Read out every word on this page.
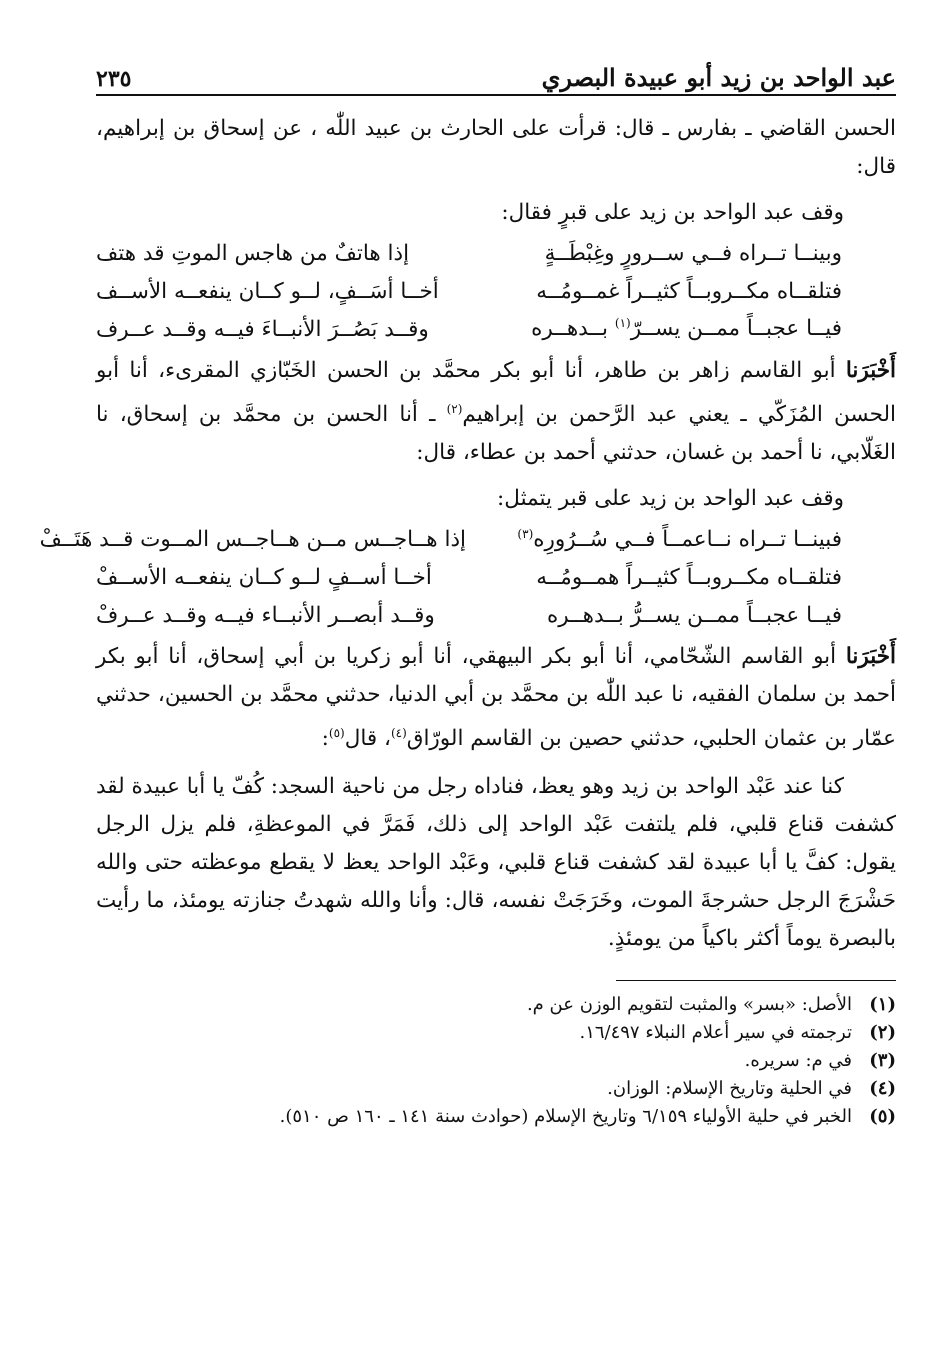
عبد الواحد بن زيد أبو عبيدة البصري
٢٣٥

الحسن القاضي ـ بفارس ـ قال: قرأت على الحارث بن عبيد اللّٰه ، عن إسحاق بن إبراهيم، قال:

وقف عبد الواحد بن زيد على قبرٍ فقال:

وبينــا تــراه فــي ســرورٍ وغِبْطَــةٍ
إذا هاتفٌ من هاجس الموتِ قد هتف
فتلقــاه مكــروبــاً كثيــراً غمــومُــه
أخــا أسَــفٍ، لــو كــان ينفعــه الأســف
فيــا عجبــاً ممــن يســرّ$^{(١)}$ بــدهــره
وقــد بَصُــرَ الأنبــاءَ فيــه وقــد عــرف

أَخْبَرَنا أبو القاسم زاهر بن طاهر، أنا أبو بكر محمَّد بن الحسن الخَبّازي المقرىء، أنا أبو الحسن المُزَكّي ـ يعني عبد الرَّحمن بن إبراهيم$^{(٢)}$ ـ أنا الحسن بن محمَّد بن إسحاق، نا الغَلّابي، نا أحمد بن غسان، حدثني أحمد بن عطاء، قال:

وقف عبد الواحد بن زيد على قبر يتمثل:

فبينــا تــراه نــاعمــاً فــي سُــرُورِه$^{(٣)}$
إذا هــاجــس مــن هــاجــس المــوت قــد هَتَــفْ
فتلقــاه مكــروبــاً كثيــراً همــومُــه
أخــا أســفٍ لــو كــان ينفعــه الأســفْ
فيــا عجبــاً ممــن يســرُّ بــدهــره
وقــد أبصــر الأنبــاء فيــه وقــد عــرفْ

أَخْبَرَنا أبو القاسم الشّحّامي، أنا أبو بكر البيهقي، أنا أبو زكريا بن أبي إسحاق، أنا أبو بكر أحمد بن سلمان الفقيه، نا عبد اللّٰه بن محمَّد بن أبي الدنيا، حدثني محمَّد بن الحسين، حدثني عمّار بن عثمان الحلبي، حدثني حصين بن القاسم الورّاق$^{(٤)}$، قال$^{(٥)}$:

كنا عند عَبْد الواحد بن زيد وهو يعظ، فناداه رجل من ناحية السجد: كُفّ يا أبا عبيدة لقد كشفت قناع قلبي، فلم يلتفت عَبْد الواحد إلى ذلك، فَمَرَّ في الموعظةِ، فلم يزل الرجل يقول: كفَّ يا أبا عبيدة لقد كشفت قناع قلبي، وعَبْد الواحد يعظ لا يقطع موعظته حتى والله حَشْرَجَ الرجل حشرجةَ الموت، وخَرَجَتْ نفسه، قال: وأنا والله شهدتُ جنازته يومئذ، ما رأيت بالبصرة يوماً أكثر باكياً من يومئذٍ.

(١)
الأصل: «بسر» والمثبت لتقويم الوزن عن م.
(٢)
ترجمته في سير أعلام النبلاء ١٦/٤٩٧.
(٣)
في م: سريره.
(٤)
في الحلية وتاريخ الإسلام: الوزان.
(٥)
الخبر في حلية الأولياء ٦/١٥٩ وتاريخ الإسلام (حوادث سنة ١٤١ ـ ١٦٠ ص ٥١٠).
